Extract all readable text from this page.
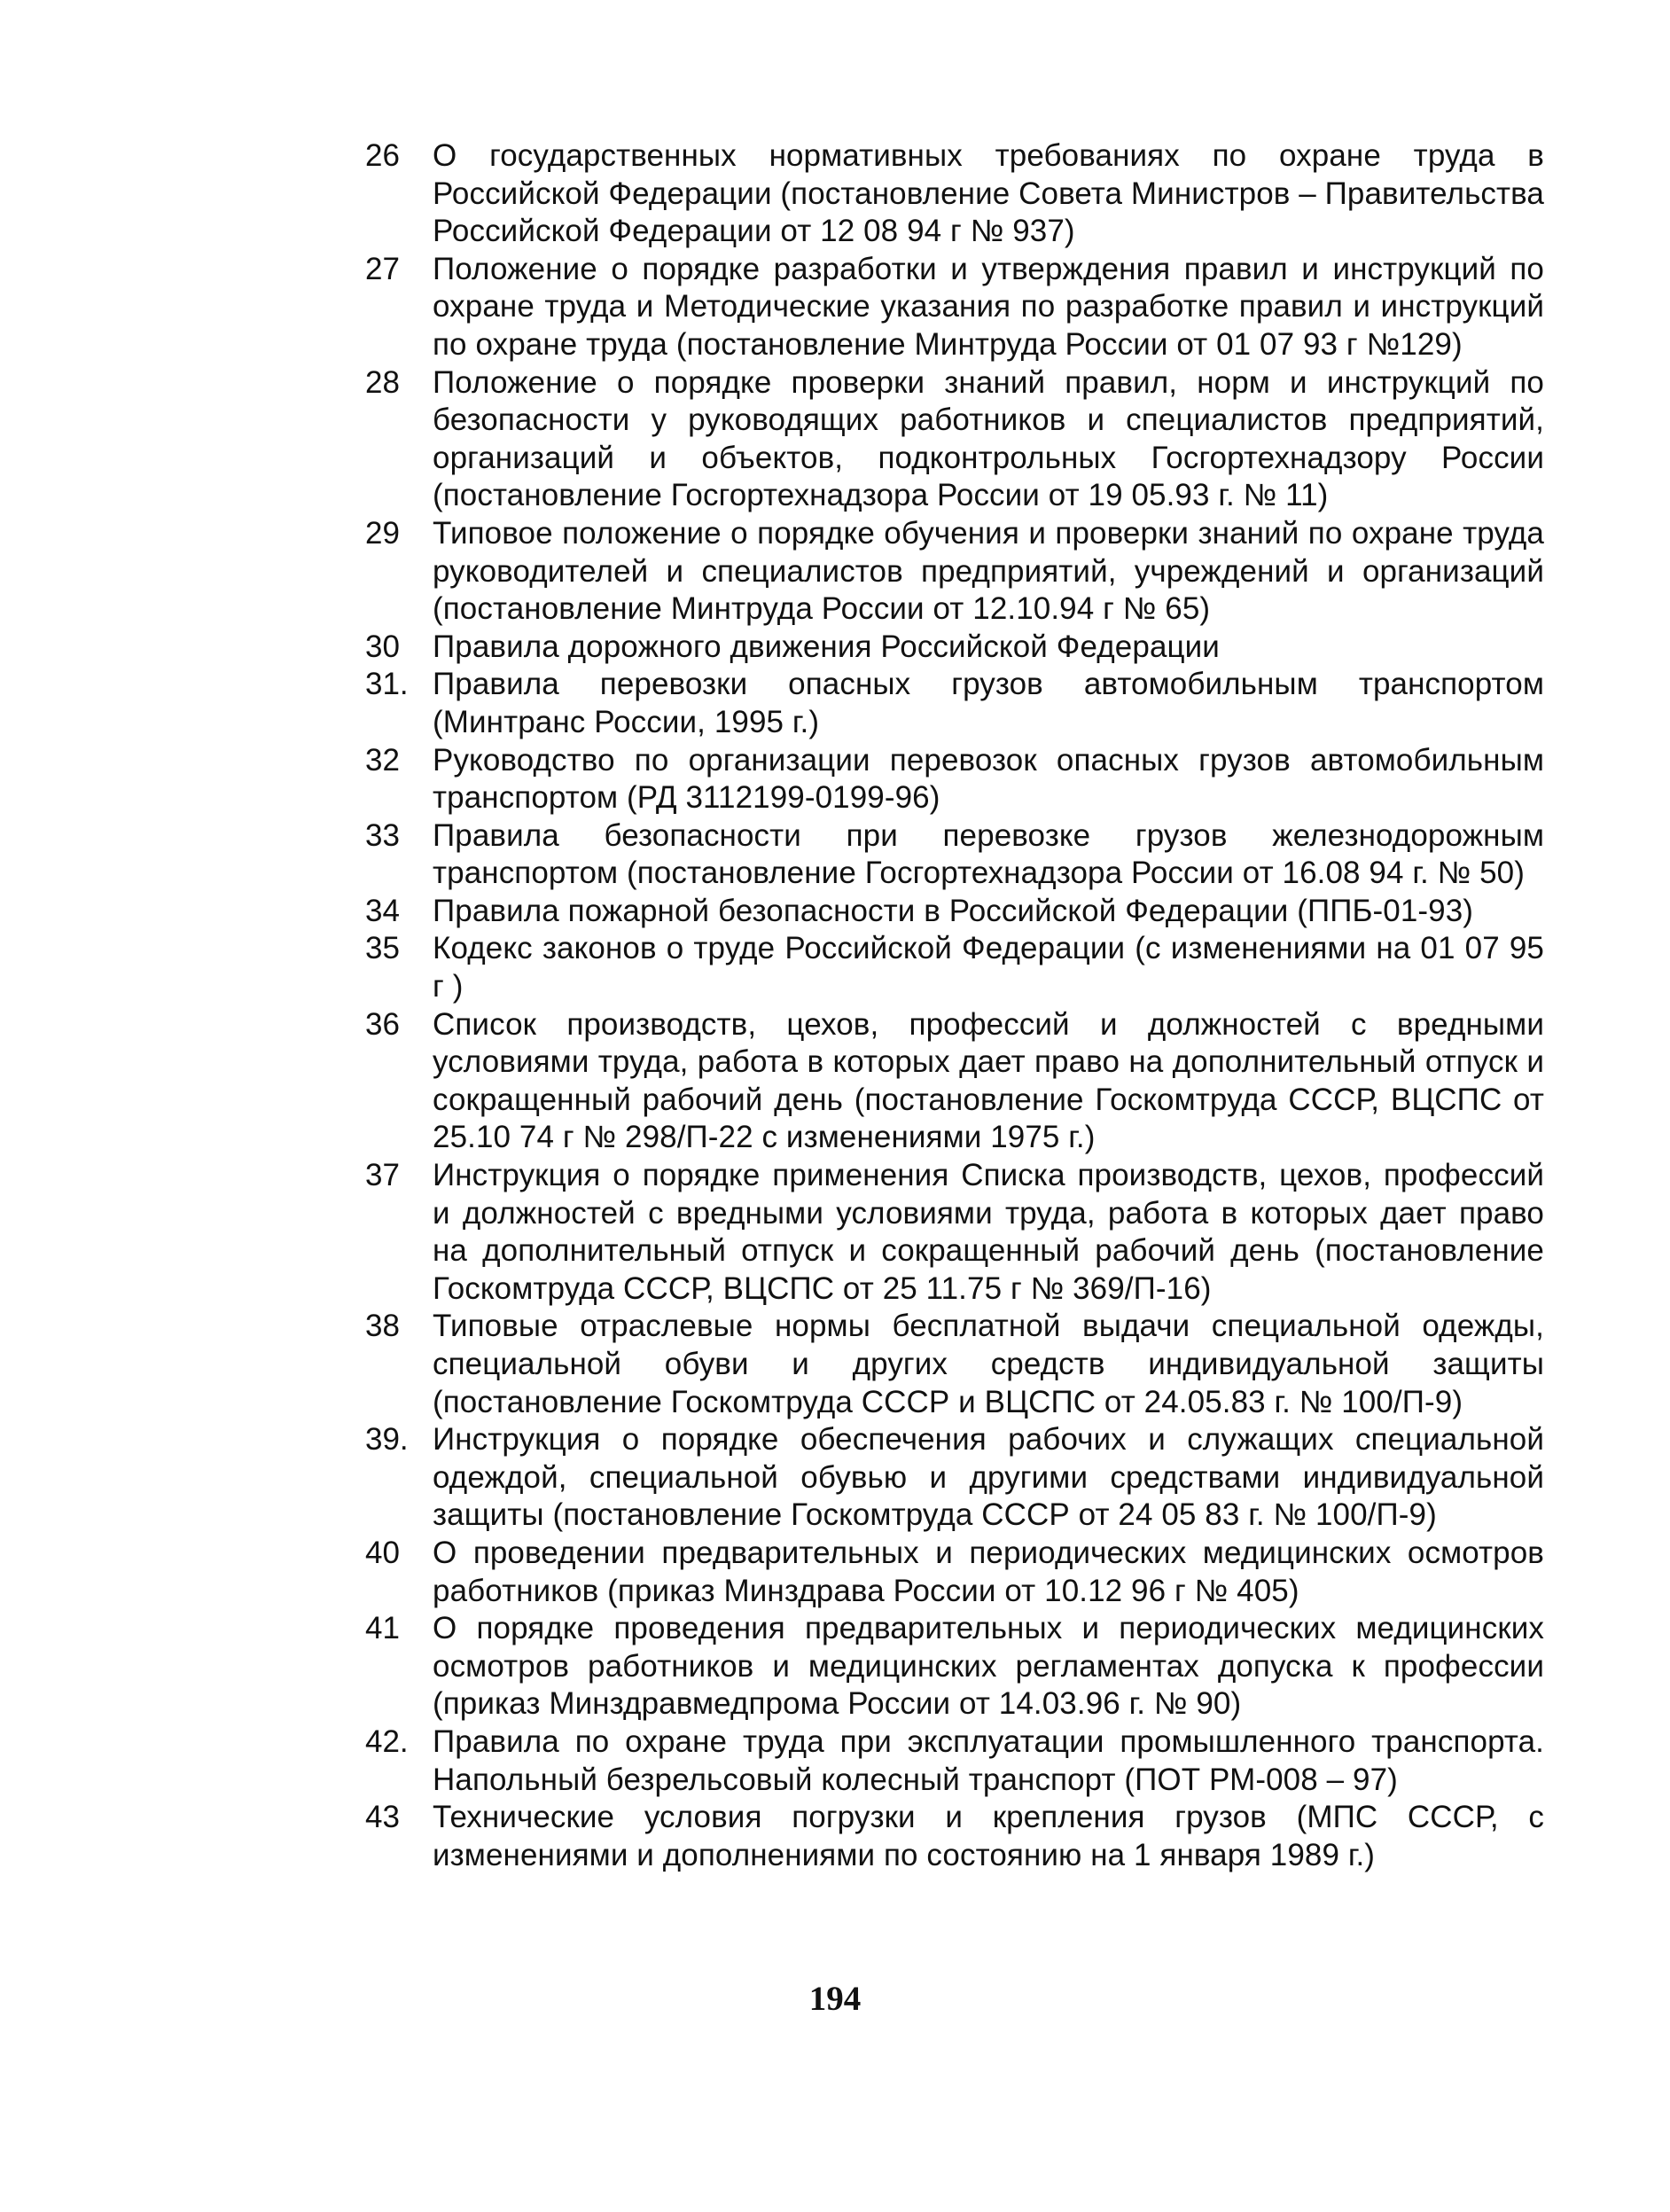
26	О государственных нормативных требованиях по охране труда в Российской Федерации (постановление Совета Министров – Правительства Российской Федерации от 12 08 94 г № 937)
27	Положение о порядке разработки и утверждения правил и инструкций по охране труда и Методические указания по разработке правил и инструкций по охране труда (постановление Минтруда России от 01 07 93 г №129)
28	Положение о порядке проверки знаний правил, норм и инструкций по безопасности у руководящих работников и специалистов предприятий, организаций и объектов, подконтрольных Госгортехнадзору России (постановление Госгортехнадзора России от 19 05.93 г. № 11)
29	Типовое положение о порядке обучения и проверки знаний по охране труда руководителей и специалистов предприятий, учреждений и организаций (постановление Минтруда России от 12.10.94 г № 65)
30	Правила дорожного движения Российской Федерации
31. Правила перевозки опасных грузов автомобильным транспортом (Минтранс России, 1995 г.)
32	Руководство по организации перевозок опасных грузов автомобильным транспортом (РД 3112199-0199-96)
33	Правила безопасности при перевозке грузов железнодорожным транспортом (постановление Госгортехнадзора России от 16.08 94 г. № 50)
34	Правила пожарной безопасности в Российской Федерации (ППБ-01-93)
35	Кодекс законов о труде Российской Федерации (с изменениями на 01 07 95 г )
36	Список производств, цехов, профессий и должностей с вредными условиями труда, работа в которых дает право на дополнительный отпуск и сокращенный рабочий день (постановление Госкомтруда СССР, ВЦСПС от 25.10 74 г № 298/П-22 с изменениями 1975 г.)
37	Инструкция о порядке применения Списка производств, цехов, профессий и должностей с вредными условиями труда, работа в которых дает право на дополнительный отпуск и сокращенный рабочий день (постановление Госкомтруда СССР, ВЦСПС от 25 11.75 г № 369/П-16)
38	Типовые отраслевые нормы бесплатной выдачи специальной одежды, специальной обуви и других средств индивидуальной защиты (постановление Госкомтруда СССР и ВЦСПС от 24.05.83 г. № 100/П-9)
39. Инструкция о порядке обеспечения рабочих и служащих специальной одеждой, специальной обувью и другими средствами индивидуальной защиты (постановление Госкомтруда СССР от 24 05 83 г. № 100/П-9)
40	О проведении предварительных и периодических медицинских осмотров работников (приказ Минздрава России от 10.12 96 г № 405)
41	О порядке проведения предварительных и периодических медицинских осмотров работников и медицинских регламентах допуска к профессии (приказ Минздравмедпрома России от 14.03.96 г. № 90)
42. Правила по охране труда при эксплуатации промышленного транспорта. Напольный безрельсовый колесный транспорт (ПОТ РМ-008 – 97)
43	Технические условия погрузки и крепления грузов (МПС СССР, с изменениями и дополнениями по состоянию на 1 января 1989 г.)
194
